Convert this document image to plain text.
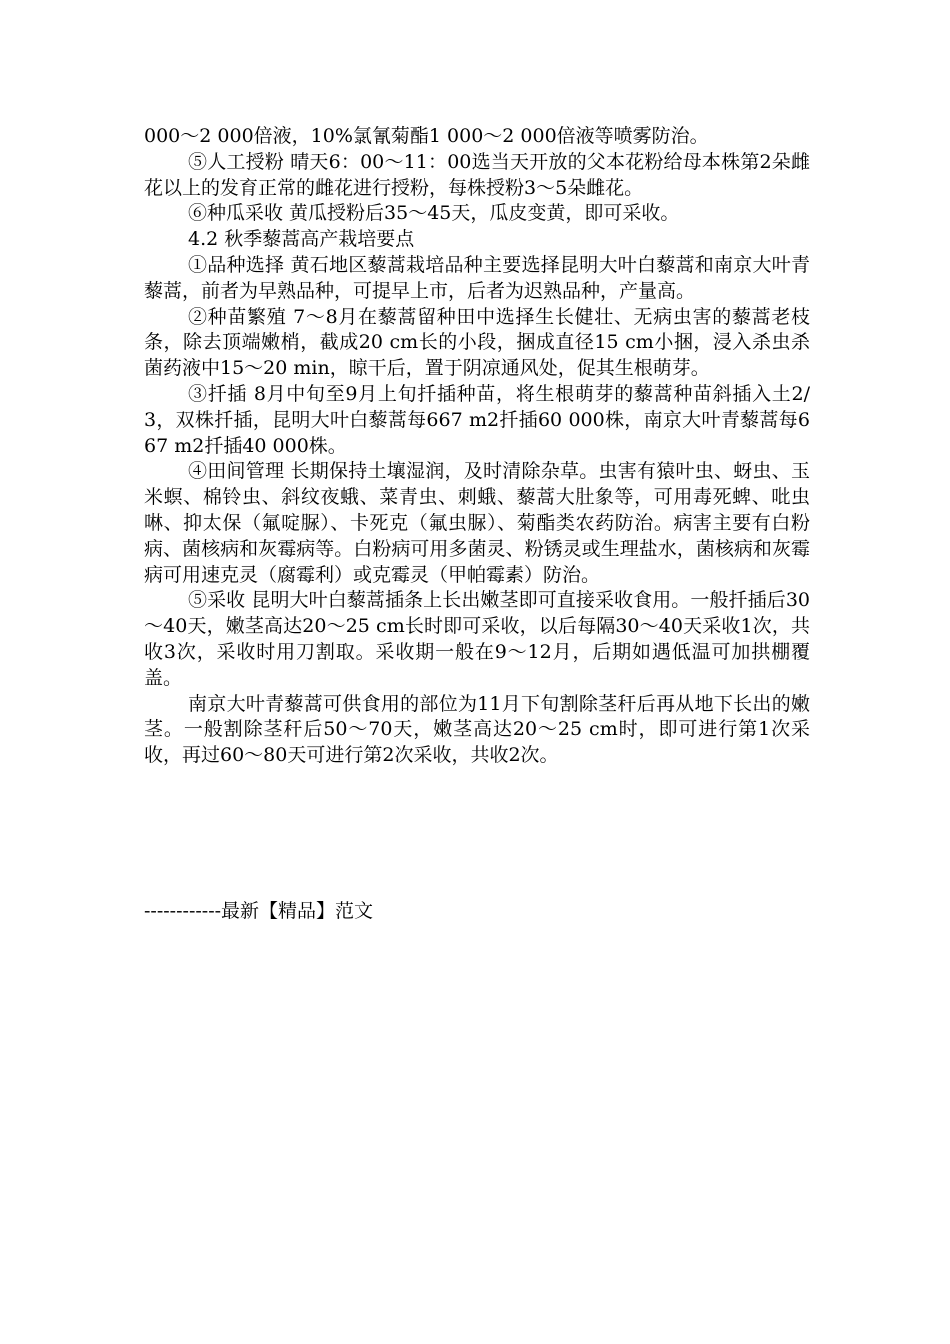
000～2 000倍液，10%氯氰菊酯1 000～2 000倍液等喷雾防治。

⑤人工授粉 晴天6：00～11：00选当天开放的父本花粉给母本株第2朵雌花以上的发育正常的雌花进行授粉，每株授粉3～5朵雌花。

⑥种瓜采收 黄瓜授粉后35～45天，瓜皮变黄，即可采收。

4.2 秋季藜蒿高产栽培要点

①品种选择 黄石地区藜蒿栽培品种主要选择昆明大叶白藜蒿和南京大叶青藜蒿，前者为早熟品种，可提早上市，后者为迟熟品种，产量高。

②种苗繁殖 7～8月在藜蒿留种田中选择生长健壮、无病虫害的藜蒿老枝条，除去顶端嫩梢，截成20 cm长的小段，捆成直径15 cm小捆，浸入杀虫杀菌药液中15～20 min，晾干后，置于阴凉通风处，促其生根萌芽。

③扦插 8月中旬至9月上旬扦插种苗，将生根萌芽的藜蒿种苗斜插入土2/3，双株扦插，昆明大叶白藜蒿每667 m2扦插60 000株，南京大叶青藜蒿每667 m2扦插40 000株。

④田间管理 长期保持土壤湿润，及时清除杂草。虫害有猿叶虫、蚜虫、玉米螟、棉铃虫、斜纹夜蛾、菜青虫、刺蛾、藜蒿大肚象等，可用毒死蜱、吡虫啉、抑太保（氟啶脲）、卡死克（氟虫脲）、菊酯类农药防治。病害主要有白粉病、菌核病和灰霉病等。白粉病可用多菌灵、粉锈灵或生理盐水，菌核病和灰霉病可用速克灵（腐霉利）或克霉灵（甲帕霉素）防治。

⑤采收 昆明大叶白藜蒿插条上长出嫩茎即可直接采收食用。一般扦插后30～40天，嫩茎高达20～25 cm长时即可采收，以后每隔30～40天采收1次，共收3次，采收时用刀割取。采收期一般在9～12月，后期如遇低温可加拱棚覆盖。

南京大叶青藜蒿可供食用的部位为11月下旬割除茎秆后再从地下长出的嫩茎。一般割除茎秆后50～70天，嫩茎高达20～25 cm时，即可进行第1次采收，再过60～80天可进行第2次采收，共收2次。

------------最新【精品】范文
